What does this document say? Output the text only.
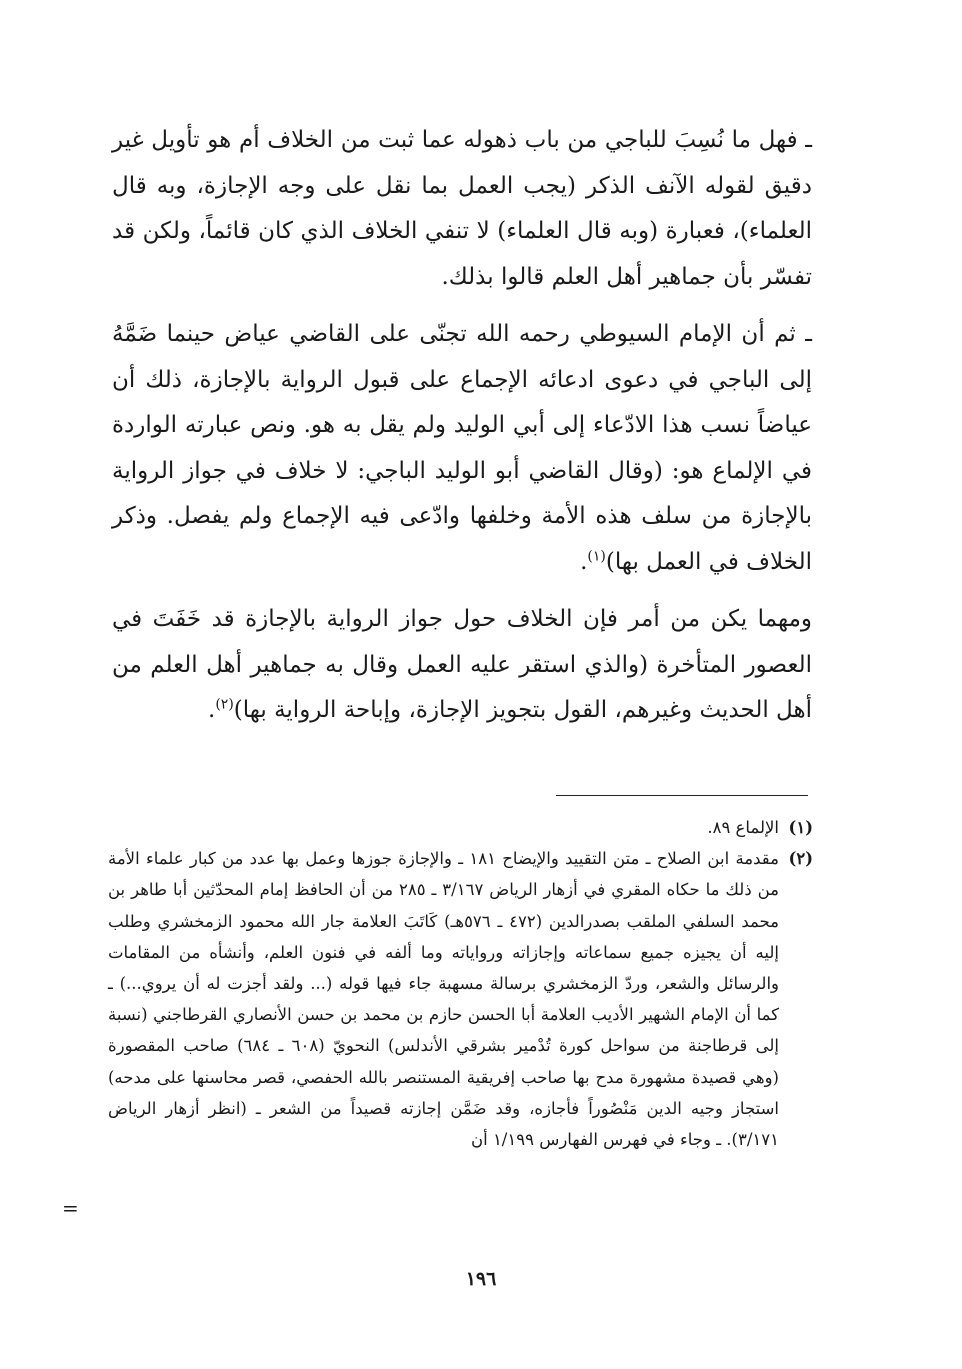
ـ فهل ما نُسِبَ للباجي من باب ذهوله عما ثبت من الخلاف أم هو تأويل غير دقيق لقوله الآنف الذكر (يجب العمل بما نقل على وجه الإجازة، وبه قال العلماء)، فعبارة (وبه قال العلماء) لا تنفي الخلاف الذي كان قائماً، ولكن قد تفسّر بأن جماهير أهل العلم قالوا بذلك.

ـ ثم أن الإمام السيوطي رحمه الله تجنّى على القاضي عياض حينما ضَمَّهُ إلى الباجي في دعوى ادعائه الإجماع على قبول الرواية بالإجازة، ذلك أن عياضاً نسب هذا الادّعاء إلى أبي الوليد ولم يقل به هو. ونص عبارته الواردة في الإلماع هو: (وقال القاضي أبو الوليد الباجي: لا خلاف في جواز الرواية بالإجازة من سلف هذه الأمة وخلفها وادّعى فيه الإجماع ولم يفصل. وذكر الخلاف في العمل بها)$^{(١)}$.

ومهما يكن من أمر فإن الخلاف حول جواز الرواية بالإجازة قد خَفَتَ في العصور المتأخرة (والذي استقر عليه العمل وقال به جماهير أهل العلم من أهل الحديث وغيرهم، القول بتجويز الإجازة، وإباحة الرواية بها)$^{(٢)}$.

(١)
الإلماع ٨٩.
(٢)
مقدمة ابن الصلاح ـ متن التقييد والإيضاح ١٨١ ـ والإجازة جوزها وعمل بها عدد من كبار علماء الأمة من ذلك ما حكاه المقري في أزهار الرياض ٣/١٦٧ ـ ٢٨٥ من أن الحافظ إمام المحدّثين أبا طاهر بن محمد السلفي الملقب بصدرالدين (٤٧٢ ـ ٥٧٦هـ) كَاتَبَ العلامة جار الله محمود الزمخشري وطلب إليه أن يجيزه جميع سماعاته وإجازاته ورواياته وما ألفه في فنون العلم، وأنشأه من المقامات والرسائل والشعر، وردّ الزمخشري برسالة مسهبة جاء فيها قوله (... ولقد أجزت له أن يروي...) ـ كما أن الإمام الشهير الأديب العلامة أبا الحسن حازم بن محمد بن حسن الأنصاري القرطاجني (نسبة إلى قرطاجنة من سواحل كورة تُدْمير بشرقي الأندلس) النحويّ (٦٠٨ ـ ٦٨٤) صاحب المقصورة (وهي قصيدة مشهورة مدح بها صاحب إفريقية المستنصر بالله الحفصي، قصر محاسنها على مدحه) استجاز وجيه الدين مَنْصُوراً فأجازه، وقد ضَمَّن إجازته قصيداً من الشعر ـ (انظر أزهار الرياض ٣/١٧١). ـ وجاء في فهرس الفهارس ١/١٩٩ أن
=
١٩٦
